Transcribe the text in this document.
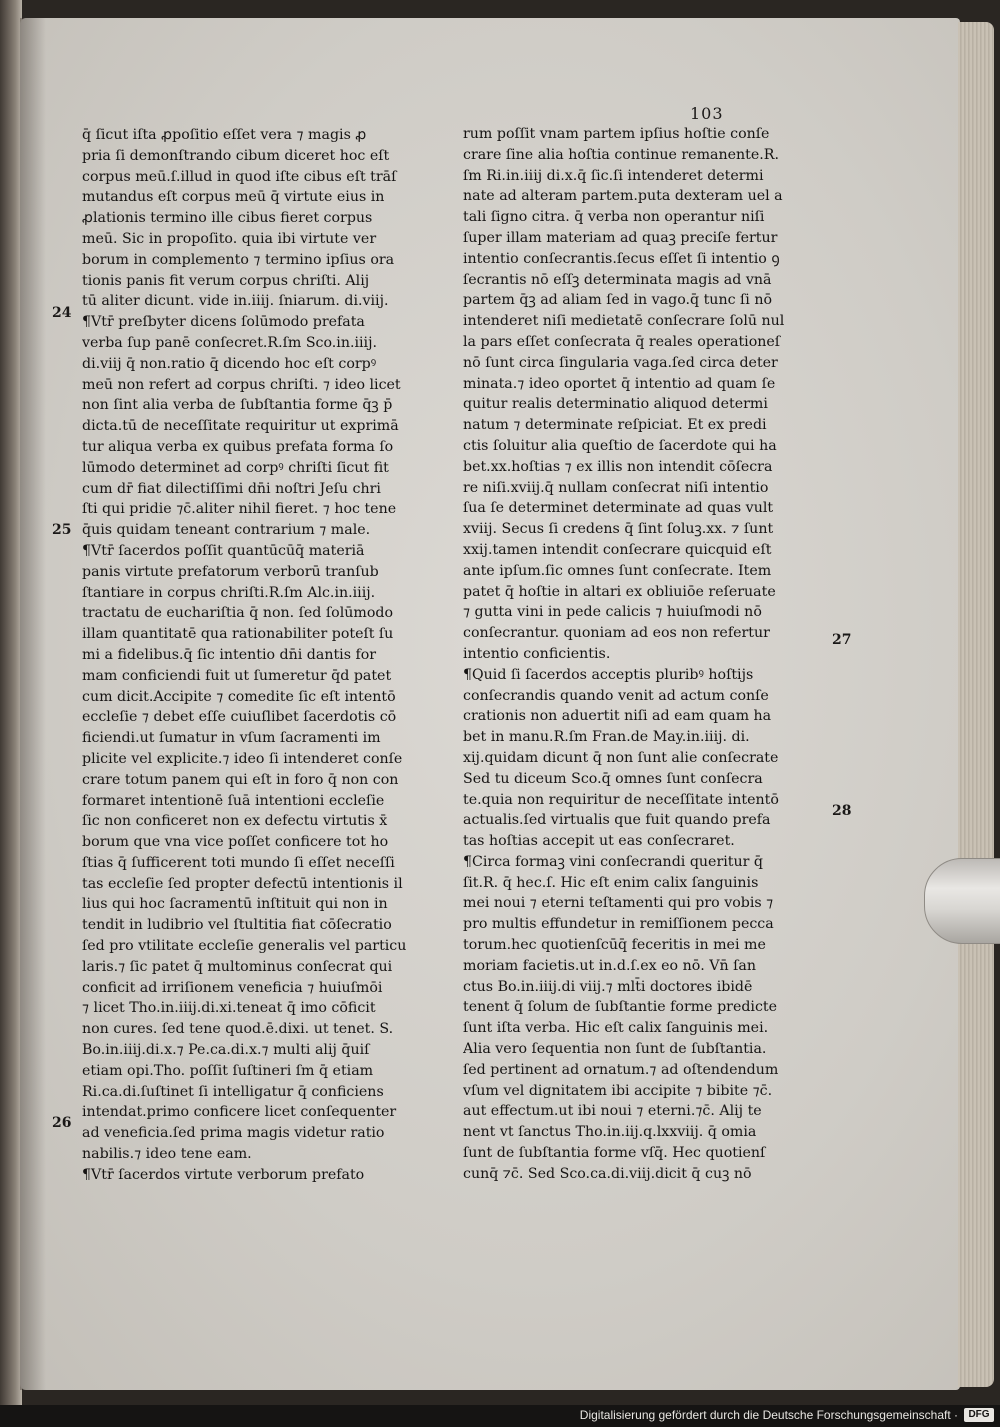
103
q̄ ſicut iſta ꝓpoſitio eſſet vera ⁊ magis ꝓ
pria ſi demonſtrando cibum diceret hoc eſt
corpus meū.ſ.illud in quod iſte cibus eſt trāſ
mutandus eſt corpus meū q̄ virtute eius in
ꝓlationis termino ille cibus fieret corpus
meū. Sic in propoſito. quia ibi virtute ver
borum in complemento ⁊ termino ipſius ora
tionis panis fit verum corpus chriſti. Alij
tū aliter dicunt. vide in.iiij. ſniarum. di.viij.
¶Vtr̄ preſbyter dicens ſolūmodo prefata
verba ſup panē conſecret.R.ſm Sco.in.iiij.
di.viij q̄ non.ratio q̄ dicendo hoc eſt corpꝰ
meū non refert ad corpus chriſti. ⁊ ideo licet
non ſint alia verba de ſubſtantia forme q̄ꝫ p̄
dicta.tū de neceſſitate requiritur ut exprimā
tur aliqua verba ex quibus prefata forma ſo
lūmodo determinet ad corpꝰ chriſti ſicut fit
cum dr̄ fiat dilectiſſimi dn̄i noſtri Jeſu chri
ſti qui pridie ⁊c̄.aliter nihil fieret. ⁊ hoc tene
q̄uis quidam teneant contrarium ⁊ male.
¶Vtr̄ ſacerdos poſſit quantūcūq̄ materiā
panis virtute prefatorum verborū tranſub
ſtantiare in corpus chriſti.R.ſm Alc.in.iiij.
tractatu de euchariſtia q̄ non. ſed ſolūmodo
illam quantitatē qua rationabiliter poteſt ſu
mi a fidelibus.q̄ ſic intentio dn̄i dantis for
mam conficiendi fuit ut ſumeretur q̄d patet
cum dicit.Accipite ⁊ comedite ſic eſt intentō
eccleſie ⁊ debet eſſe cuiuſlibet ſacerdotis cō
ficiendi.ut ſumatur in vſum ſacramenti im
plicite vel explicite.⁊ ideo ſi intenderet conſe
crare totum panem qui eſt in foro q̄ non con
formaret intentionē ſuā intentioni eccleſie
ſic non conficeret non ex defectu virtutis x̄
borum que vna vice poſſet conficere tot ho
ſtias q̄ ſufficerent toti mundo ſi eſſet neceſſi
tas eccleſie ſed propter defectū intentionis il
lius qui hoc ſacramentū inſtituit qui non in
tendit in ludibrio vel ſtultitia fiat cōſecratio
ſed pro vtilitate eccleſie generalis vel particu
laris.⁊ ſic patet q̄ multominus conſecrat qui
conficit ad irriſionem veneficia ⁊ huiuſmōi
⁊ licet Tho.in.iiij.di.xi.teneat q̄ imo cōficit
non cures. ſed tene quod.ē.dixi. ut tenet. S.
Bo.in.iiij.di.x.⁊ Pe.ca.di.x.⁊ multi alij q̄uiſ
etiam opi.Tho. poſſit ſuſtineri ſm q̄ etiam
Ri.ca.di.ſuſtinet ſi intelligatur q̄ conficiens
intendat.primo conficere licet conſequenter
ad veneficia.ſed prima magis videtur ratio
nabilis.⁊ ideo tene eam.
¶Vtr̄ ſacerdos virtute verborum prefato
rum poſſit vnam partem ipſius hoſtie conſe
crare ſine alia hoſtia continue remanente.R.
ſm Ri.in.iiij di.x.q̄ ſic.ſi intenderet determi
nate ad alteram partem.puta dexteram uel a
tali ſigno citra. q̄ verba non operantur niſi
ſuper illam materiam ad quaꝫ preciſe fertur
intentio conſecrantis.ſecus eſſet ſi intentio ꝯ
ſecrantis nō eſſꝫ determinata magis ad vnā
partem q̄ꝫ ad aliam ſed in vago.q̄ tunc ſi nō
intenderet niſi medietatē conſecrare ſolū nul
la pars eſſet conſecrata q̄ reales operationeſ
nō ſunt circa ſingularia vaga.ſed circa deter
minata.⁊ ideo oportet q̄ intentio ad quam ſe
quitur realis determinatio aliquod determi
natum ⁊ determinate reſpiciat. Et ex predi
ctis ſoluitur alia queſtio de ſacerdote qui ha
bet.xx.hoſtias ⁊ ex illis non intendit cōſecra
re niſi.xviij.q̄ nullam conſecrat niſi intentio
ſua ſe determinet determinate ad quas vult
xviij. Secus ſi credens q̄ ſint ſoluꝫ.xx. ⁊ ſunt
xxij.tamen intendit conſecrare quicquid eſt
ante ipſum.ſic omnes ſunt conſecrate. Item
patet q̄ hoſtie in altari ex obliuiōe reſeruate
⁊ gutta vini in pede calicis ⁊ huiuſmodi nō
conſecrantur. quoniam ad eos non refertur
intentio conficientis.
¶Quid ſi ſacerdos acceptis pluribꝰ hoſtijs
conſecrandis quando venit ad actum conſe
crationis non aduertit niſi ad eam quam ha
bet in manu.R.ſm Fran.de May.in.iiij. di.
xij.quidam dicunt q̄ non ſunt alie conſecrate
Sed tu diceum Sco.q̄ omnes ſunt conſecra
te.quia non requiritur de neceſſitate intentō
actualis.ſed virtualis que fuit quando prefa
tas hoſtias accepit ut eas conſecraret.
¶Circa formaꝫ vini conſecrandi queritur q̄
ſit.R. q̄ hec.ſ. Hic eſt enim calix ſanguinis
mei noui ⁊ eterni teſtamenti qui pro vobis ⁊
pro multis effundetur in remiſſionem pecca
torum.hec quotienſcūq̄ feceritis in mei me
moriam facietis.ut in.d.ſ.ex eo nō. Vn̄ ſan
ctus Bo.in.iiij.di viij.⁊ mlt̄i doctores ibidē
tenent q̄ ſolum de ſubſtantie forme predicte
ſunt iſta verba. Hic eſt calix ſanguinis mei.
Alia vero ſequentia non ſunt de ſubſtantia.
ſed pertinent ad ornatum.⁊ ad oſtendendum
vſum vel dignitatem ibi accipite ⁊ bibite ⁊c̄.
aut effectum.ut ibi noui ⁊ eterni.⁊c̄. Alij te
nent vt ſanctus Tho.in.iij.q.lxxviij. q̄ omia
ſunt de ſubſtantia forme vſq̄. Hec quotienſ
cunq̄ ⁊c̄. Sed Sco.ca.di.viij.dicit q̄ cuꝫ nō
24
25
26
27
28
Digitalisierung gefördert durch die Deutsche Forschungsgemeinschaft ·	DFG
